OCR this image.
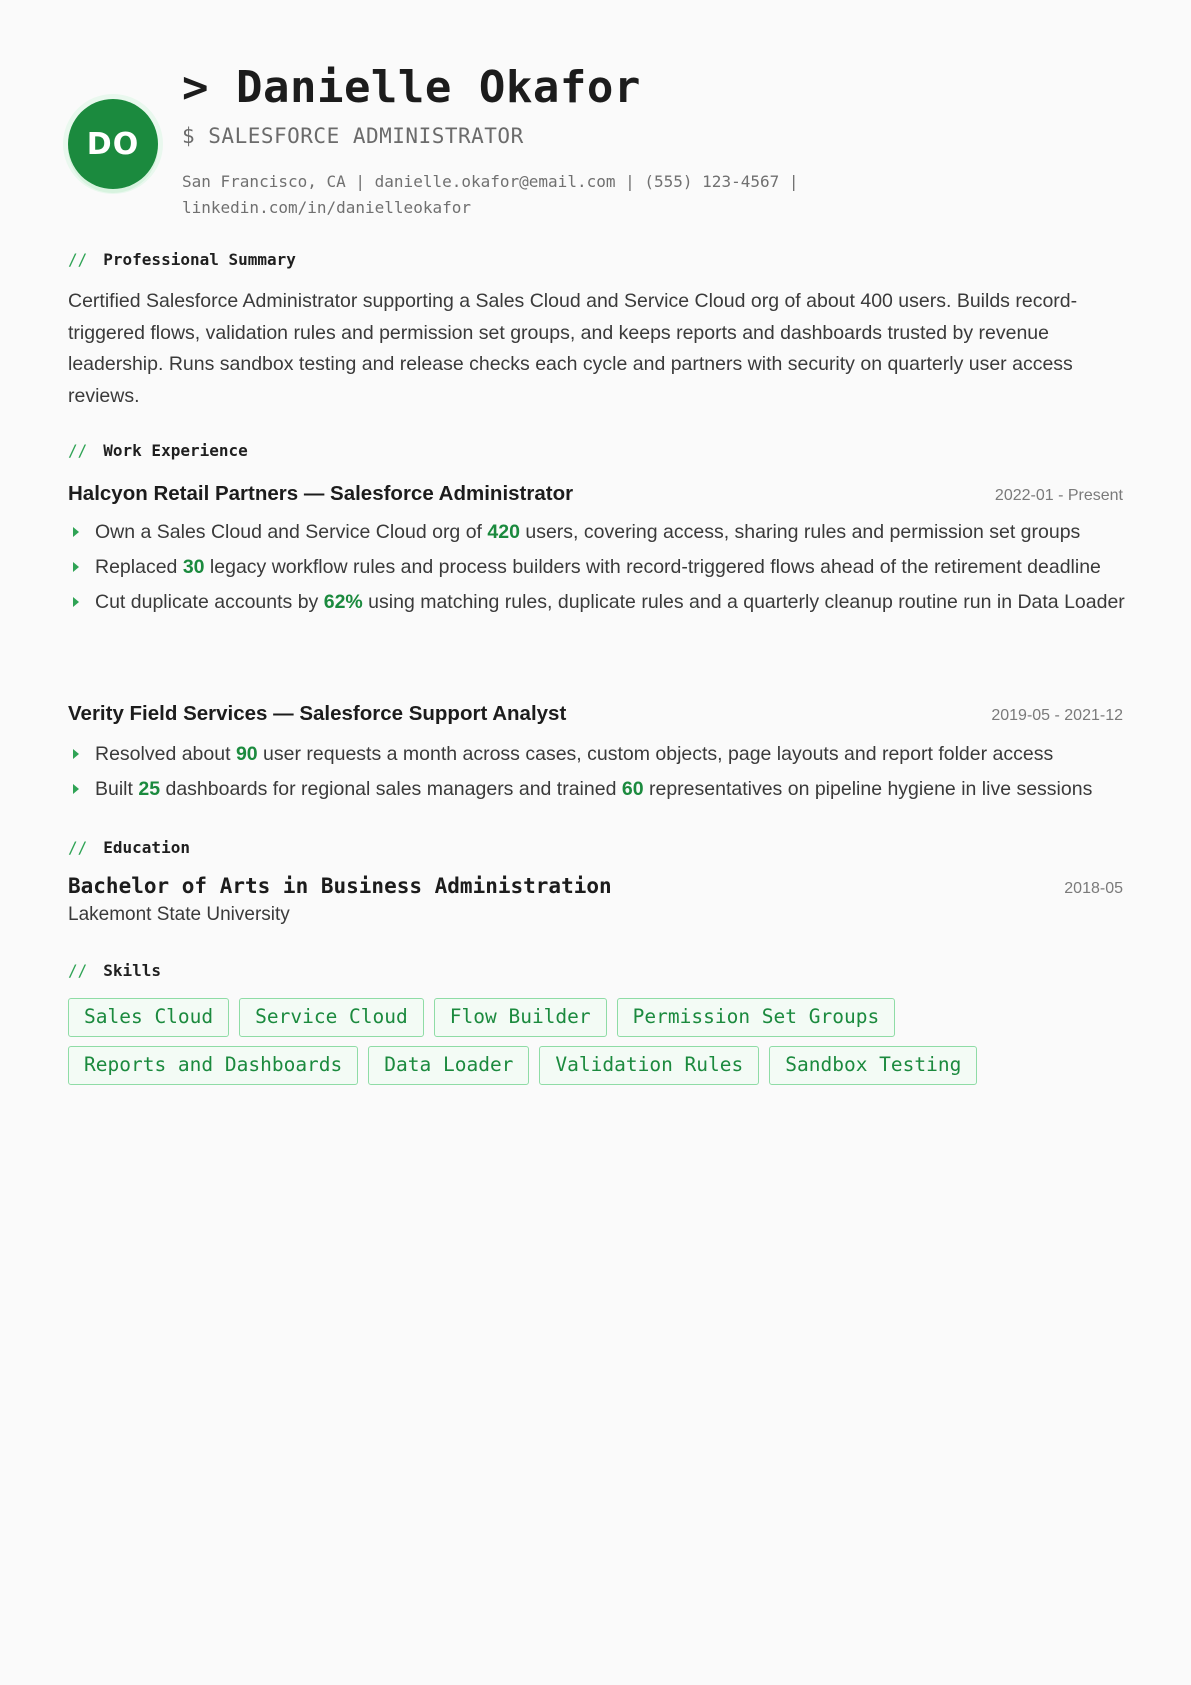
DO
> Danielle Okafor
$ SALESFORCE ADMINISTRATOR
San Francisco, CA | danielle.okafor@email.com | (555) 123-4567 | linkedin.com/in/danielleokafor
// Professional Summary
Certified Salesforce Administrator supporting a Sales Cloud and Service Cloud org of about 400 users. Builds record-triggered flows, validation rules and permission set groups, and keeps reports and dashboards trusted by revenue leadership. Runs sandbox testing and release checks each cycle and partners with security on quarterly user access reviews.
// Work Experience
Halcyon Retail Partners — Salesforce Administrator	2022-01 - Present
Own a Sales Cloud and Service Cloud org of 420 users, covering access, sharing rules and permission set groups
Replaced 30 legacy workflow rules and process builders with record-triggered flows ahead of the retirement deadline
Cut duplicate accounts by 62% using matching rules, duplicate rules and a quarterly cleanup routine run in Data Loader
Verity Field Services — Salesforce Support Analyst	2019-05 - 2021-12
Resolved about 90 user requests a month across cases, custom objects, page layouts and report folder access
Built 25 dashboards for regional sales managers and trained 60 representatives on pipeline hygiene in live sessions
// Education
Bachelor of Arts in Business Administration	2018-05
Lakemont State University
// Skills
Sales Cloud	Service Cloud	Flow Builder	Permission Set Groups
Reports and Dashboards	Data Loader	Validation Rules	Sandbox Testing
